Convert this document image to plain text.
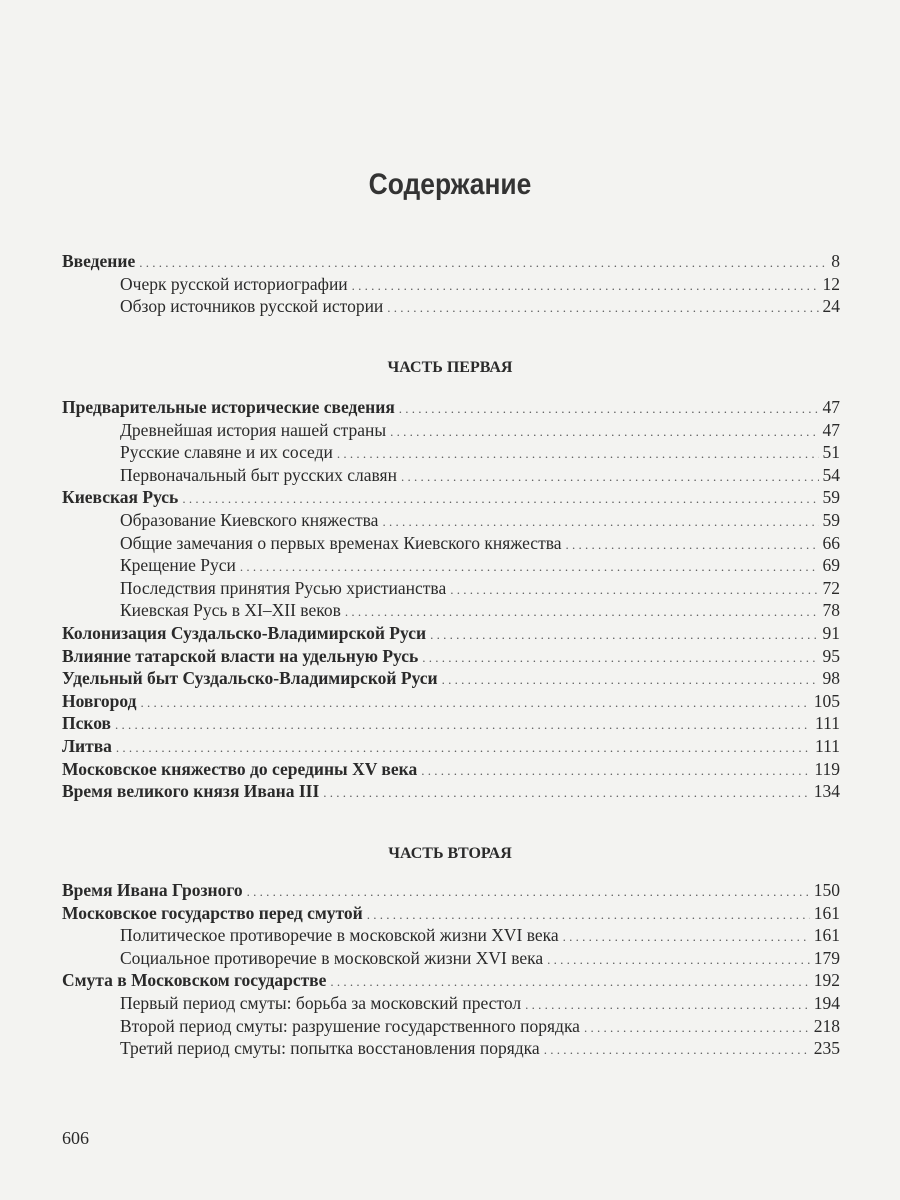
Содержание
Введение . . .	8
Очерк русской историографии . . .	12
Обзор источников русской истории . . .	24
ЧАСТЬ ПЕРВАЯ
Предварительные исторические сведения . . .	47
Древнейшая история нашей страны . . .	47
Русские славяне и их соседи . . .	51
Первоначальный быт русских славян . . .	54
Киевская Русь . . .	59
Образование Киевского княжества . . .	59
Общие замечания о первых временах Киевского княжества . . .	66
Крещение Руси . . .	69
Последствия принятия Русью христианства . . .	72
Киевская Русь в XI–XII веков . . .	78
Колонизация Суздальско-Владимирской Руси . . .	91
Влияние татарской власти на удельную Русь . . .	95
Удельный быт Суздальско-Владимирской Руси . . .	98
Новгород . . .	105
Псков . . .	111
Литва . . .	111
Московское княжество до середины XV века . . .	119
Время великого князя Ивана III . . .	134
ЧАСТЬ ВТОРАЯ
Время Ивана Грозного . . .	150
Московское государство перед смутой . . .	161
Политическое противоречие в московской жизни XVI века . . .	161
Социальное противоречие в московской жизни XVI века . . .	179
Смута в Московском государстве . . .	192
Первый период смуты: борьба за московский престол . . .	194
Второй период смуты: разрушение государственного порядка . . .	218
Третий период смуты: попытка восстановления порядка . . .	235
606
